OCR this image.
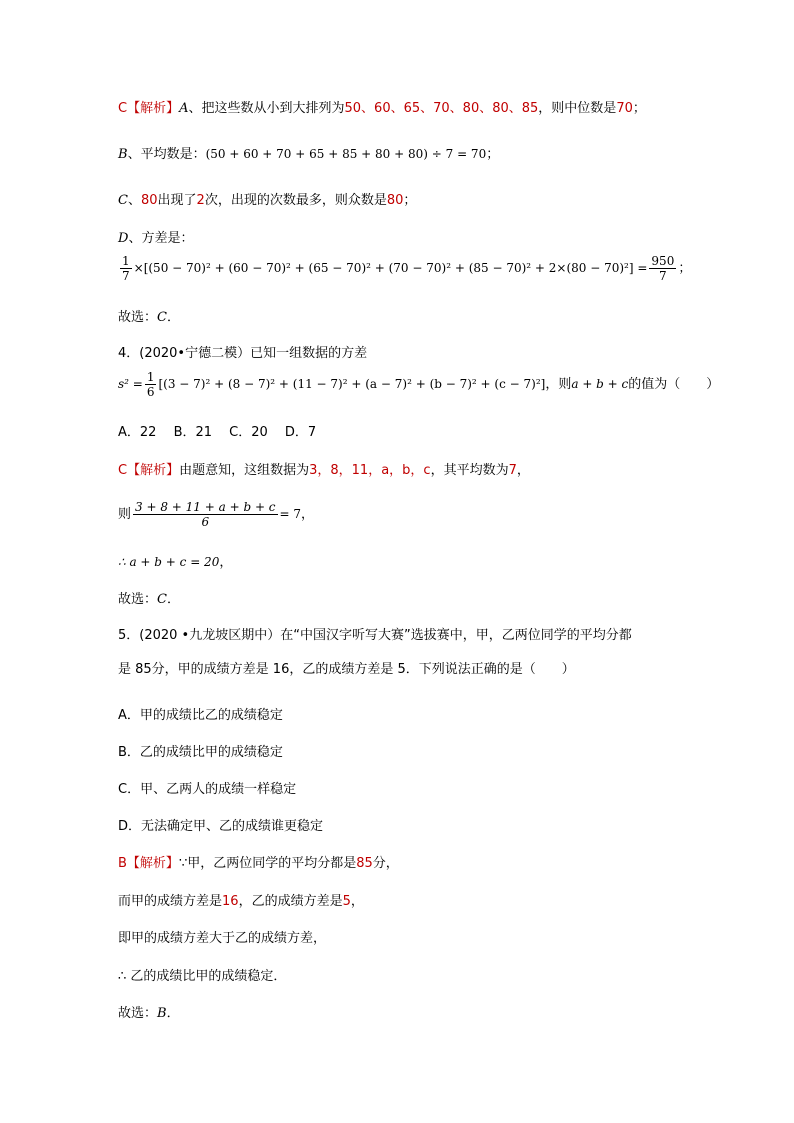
C【解析】A、把这些数从小到大排列为50、60、65、70、80、80、85，则中位数是70；
B、平均数是：(50 + 60 + 70 + 65 + 85 + 80 + 80) ÷ 7 = 70；
C、80出现了2次，出现的次数最多，则众数是80；
D、方差是：
$\frac{1}{7} \times[(50 - 70)^2 + (60 - 70)^2 + (65 - 70)^2 + (70 - 70)^2 + (85 - 70)^2 + 2\times(80 - 70)^2] = \frac{950}{7}$ ；
故选：C．
4．(2020•宁德二模）已知一组数据的方差
$s^2 = \frac{1}{6} [(3 - 7)^2 + (8 - 7)^2 + (11 - 7)^2 + (a - 7)^2 + (b - 7)^2 + (c - 7)^2]$，则a + b + c的值为（　　）
A．22　 B．21　 C．20　 D．7
C【解析】由题意知，这组数据为3，8，11，a，b，c，其平均数为7，
则 $\frac{3 + 8 + 11 + a + b + c}{6} = 7$，
∴ a + b + c = 20，
故选：C．
5．(2020 •九龙坡区期中）在“中国汉字听写大赛”选拔赛中，甲，乙两位同学的平均分都
是 85分，甲的成绩方差是 16，乙的成绩方差是 5．下列说法正确的是（　　）
A．甲的成绩比乙的成绩稳定
B．乙的成绩比甲的成绩稳定
C．甲、乙两人的成绩一样稳定
D．无法确定甲、乙的成绩谁更稳定
B【解析】∵甲，乙两位同学的平均分都是85分，
而甲的成绩方差是16，乙的成绩方差是5，
即甲的成绩方差大于乙的成绩方差，
∴ 乙的成绩比甲的成绩稳定．
故选：B．
